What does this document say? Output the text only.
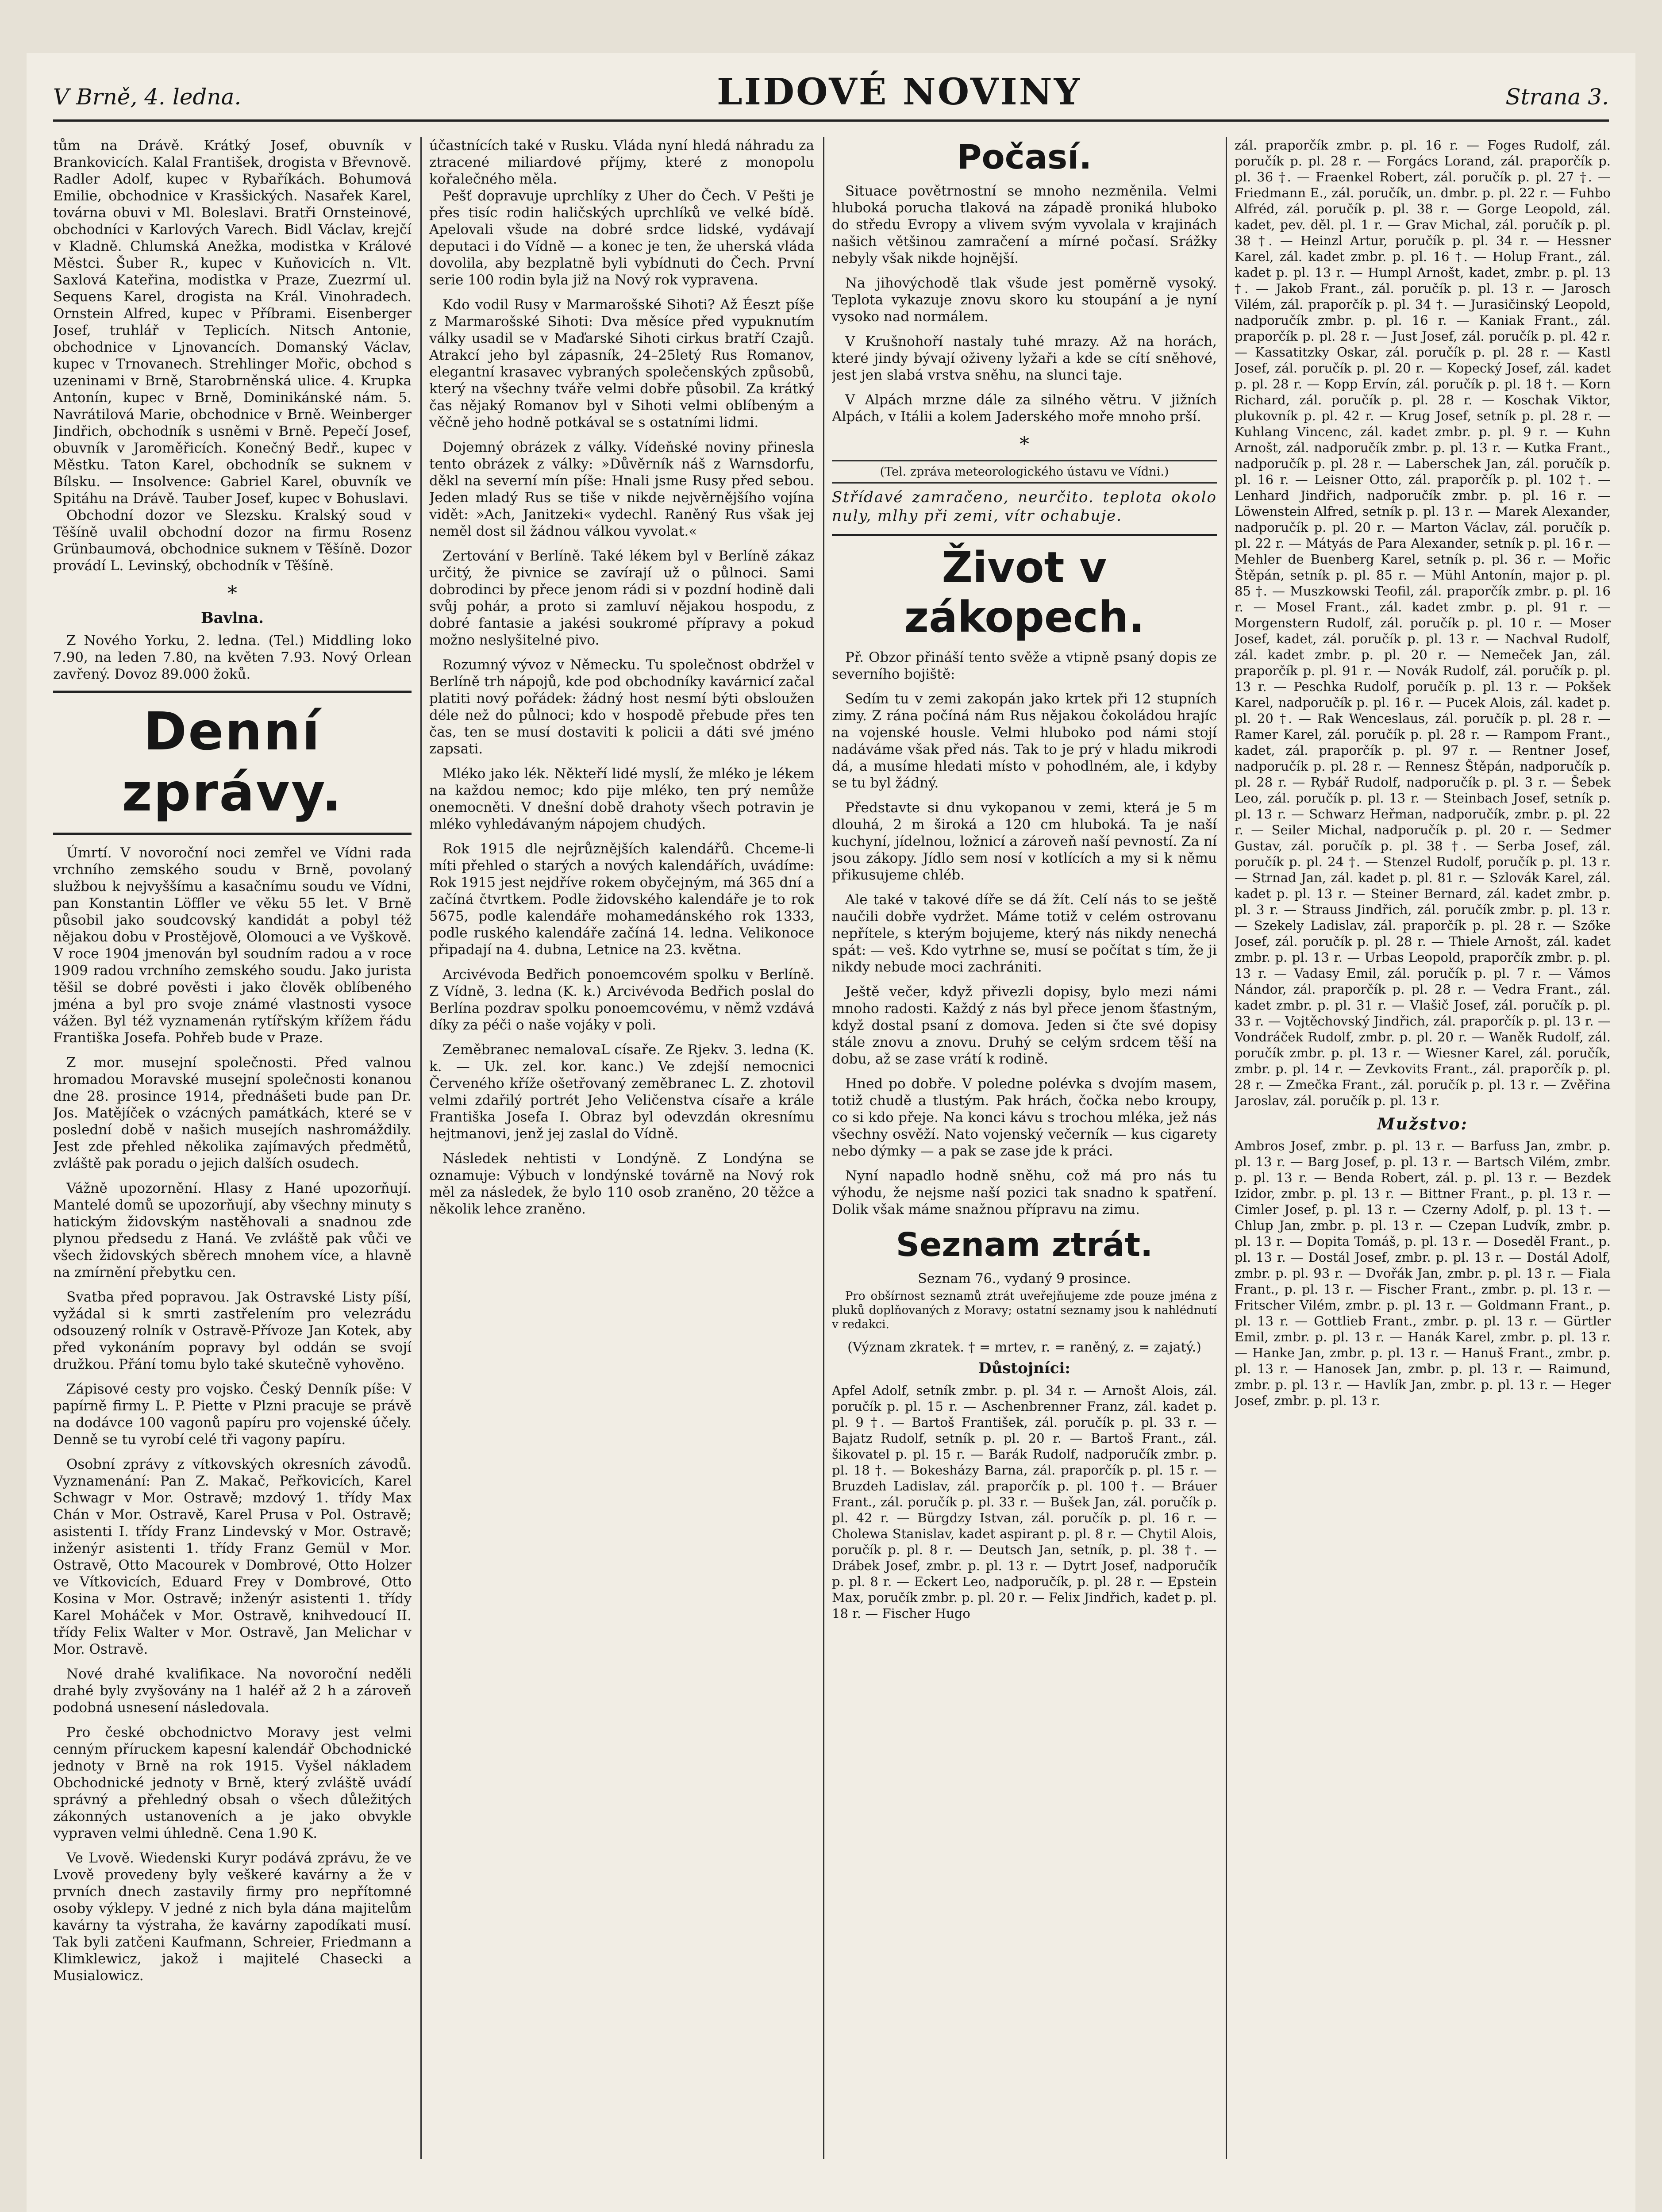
V Brně, 4. ledna.	LIDOVÉ NOVINY	Strana 3.

tům na Drávě. Krátký Josef, obuvník v Brankovicích. Kalal František, drogista v Břevnově. Radler Adolf, kupec v Rybaříkách. Bohumová Emilie, obchodnice v Krasšických. Nasařek Karel, továrna obuvi v Ml. Boleslavi. Bratři Ornsteinové, obchodníci v Karlových Varech. Bidl Václav, krejčí v Kladně. Chlumská Anežka, modistka v Králové Městci. Šuber R., kupec v Kuňovicích n. Vlt. Saxlová Kateřina, modistka v Praze, Zuezrmí ul. Sequens Karel, drogista na Král. Vinohradech. Ornstein Alfred, kupec v Příbrami. Eisenberger Josef, truhlář v Teplicích. Nitsch Antonie, obchodnice v Ljnovancích. Domanský Václav, kupec v Trnovanech. Strehlinger Mořic, obchod s uzeninami v Brně, Starobrněnská ulice. 4. Krupka Antonín, kupec v Brně, Dominikánské nám. 5. Navrátilová Marie, obchodnice v Brně. Weinberger Jindřich, obchodník s usněmi v Brně. Pepečí Josef, obuvník v Jaroměřicích. Konečný Bedř., kupec v Městku. Taton Karel, obchodník se suknem v Bílsku. — Insolvence: Gabriel Karel, obuvník ve Spitáhu na Drávě. Tauber Josef, kupec v Bohuslavi.

Obchodní dozor ve Slezsku. Kralský soud v Těšíně uvalil obchodní dozor na firmu Rosenz Grünbaumová, obchodnice suknem v Těšíně. Dozor provádí L. Levinský, obchodník v Těšíně.

*
Bavlna.

Z Nového Yorku, 2. ledna. (Tel.) Middling loko 7.90, na leden 7.80, na květen 7.93. Nový Orlean zavřený. Dovoz 89.000 žoků.

Denní zprávy.

Úmrtí. V novoroční noci zemřel ve Vídni rada vrchního zemského soudu v Brně, povolaný službou k nejvyššímu a kasačnímu soudu ve Vídni, pan Konstantin Löffler ve věku 55 let. V Brně působil jako soudcovský kandidát a pobyl též nějakou dobu v Prostějově, Olomouci a ve Vyškově. V roce 1904 jmenován byl soudním radou a v roce 1909 radou vrchního zemského soudu. Jako jurista těšil se dobré pověsti i jako člověk oblíbeného jména a byl pro svoje známé vlastnosti vysoce vážen. Byl též vyznamenán rytířským křížem řádu Františka Josefa. Pohřeb bude v Praze.

Z mor. musejní společnosti. Před valnou hromadou Moravské musejní společnosti konanou dne 28. prosince 1914, přednášeti bude pan Dr. Jos. Matějíček o vzácných památkách, které se v poslední době v našich musejích nashromáždily. Jest zde přehled několika zajímavých předmětů, zvláště pak poradu o jejich dalších osudech.

Vážně upozornění. Hlasy z Hané upozorňují. Mantelé domů se upozorňují, aby všechny minuty s hatickým židovským nastěhovali a snadnou zde plynou předsedu z Haná. Ve zvláště pak vůči ve všech židovských sběrech mnohem více, a hlavně na zmírnění přebytku cen.

Svatba před popravou. Jak Ostravské Listy píší, vyžádal si k smrti zastřelením pro velezrádu odsouzený rolník v Ostravě-Přívoze Jan Kotek, aby před vykonáním popravy byl oddán se svojí družkou. Přání tomu bylo také skutečně vyhověno.

Zápisové cesty pro vojsko. Český Denník píše: V papírně firmy L. P. Piette v Plzni pracuje se právě na dodávce 100 vagonů papíru pro vojenské účely. Denně se tu vyrobí celé tři vagony papíru.

Osobní zprávy z vítkovských okresních závodů. Vyznamenání: Pan Z. Makač, Peřkovicích, Karel Schwagr v Mor. Ostravě; mzdový 1. třídy Max Chán v Mor. Ostravě, Karel Prusa v Pol. Ostravě; asistenti I. třídy Franz Lindevský v Mor. Ostravě; inženýr asistenti 1. třídy Franz Gemül v Mor. Ostravě, Otto Macourek v Dombrové, Otto Holzer ve Vítkovicích, Eduard Frey v Dombrové, Otto Kosina v Mor. Ostravě; inženýr asistenti 1. třídy Karel Moháček v Mor. Ostravě, knihvedoucí II. třídy Felix Walter v Mor. Ostravě, Jan Melichar v Mor. Ostravě.

Nové drahé kvalifikace. Na novoroční neděli drahé byly zvyšovány na 1 haléř až 2 h a zároveň podobná usnesení následovala.

Pro české obchodnictvo Moravy jest velmi cenným příruckem kapesní kalendář Obchodnické jednoty v Brně na rok 1915. Vyšel nákladem Obchodnické jednoty v Brně, který zvláště uvádí správný a přehledný obsah o všech důležitých zákonných ustanoveních a je jako obvykle vypraven velmi úhledně. Cena 1.90 K.

Ve Lvově. Wiedenski Kuryr podává zprávu, že ve Lvově provedeny byly veškeré kavárny a že v prvních dnech zastavily firmy pro nepřítomné osoby výklepy. V jedné z nich byla dána majitelům kavárny ta výstraha, že kavárny zapodíkati musí. Tak byli zatčeni Kaufmann, Schreier, Friedmann a Klimklewicz, jakož i majitelé Chasecki a Musialowicz.

účastnících také v Rusku. Vláda nyní hledá náhradu za ztracené miliardové příjmy, které z monopolu kořalečného měla.

Pešť dopravuje uprchlíky z Uher do Čech. V Pešti je přes tisíc rodin haličských uprchlíků ve velké bídě. Apelovali všude na dobré srdce lidské, vydávají deputaci i do Vídně — a konec je ten, že uherská vláda dovolila, aby bezplatně byli vybídnuti do Čech. První serie 100 rodin byla již na Nový rok vypravena.

Kdo vodil Rusy v Marmarošské Sihoti? Až Éeszt píše z Marmarošské Sihoti: Dva měsíce před vypuknutím války usadil se v Maďarské Sihoti cirkus bratří Czajů. Atrakcí jeho byl zápasník, 24–25letý Rus Romanov, elegantní krasavec vybraných společenských způsobů, který na všechny tváře velmi dobře působil. Za krátký čas nějaký Romanov byl v Sihoti velmi oblíbeným a věčně jeho hodně potkával se s ostatními lidmi.

Dojemný obrázek z války. Vídeňské noviny přinesla tento obrázek z války: »Důvěrník náš z Warnsdorfu, děkl na severní mín píše: Hnali jsme Rusy před sebou. Jeden mladý Rus se tiše v nikde nejvěrnějšího vojína vidět: »Ach, Janitzeki« vydechl. Raněný Rus však jej neměl dost sil žádnou válkou vyvolat.«

Zertování v Berlíně. Také lékem byl v Berlíně zákaz určitý, že pivnice se zavírají už o půlnoci. Sami dobrodinci by přece jenom rádi si v pozdní hodině dali svůj pohár, a proto si zamluví nějakou hospodu, z dobré fantasie a jakési soukromé přípravy a pokud možno neslyšitelné pivo.

Rozumný vývoz v Německu. Tu společnost obdržel v Berlíně trh nápojů, kde pod obchodníky kavárnicí začal platiti nový pořádek: žádný host nesmí býti obsloužen déle než do půlnoci; kdo v hospodě přebude přes ten čas, ten se musí dostaviti k policii a dáti své jméno zapsati.

Mléko jako lék. Někteří lidé myslí, že mléko je lékem na každou nemoc; kdo pije mléko, ten prý nemůže onemocněti. V dnešní době drahoty všech potravin je mléko vyhledávaným nápojem chudých.

Rok 1915 dle nejrůznějších kalendářů. Chceme-li míti přehled o starých a nových kalendářích, uvádíme: Rok 1915 jest nejdříve rokem obyčejným, má 365 dní a začíná čtvrtkem. Podle židovského kalendáře je to rok 5675, podle kalendáře mohamedánského rok 1333, podle ruského kalendáře začíná 14. ledna. Velikonoce připadají na 4. dubna, Letnice na 23. května.

Arcivévoda Bedřich ponoemcovém spolku v Berlíně. Z Vídně, 3. ledna (K. k.) Arcivévoda Bedřich poslal do Berlína pozdrav spolku ponoemcovému, v němž vzdává díky za péči o naše vojáky v poli.

Zeměbranec nemalovaL císaře. Ze Rjekv. 3. ledna (K. k. — Uk. zel. kor. kanc.) Ve zdejší nemocnici Červeného kříže ošetřovaný zeměbranec L. Z. zhotovil velmi zdařilý portrét Jeho Veličenstva císaře a krále Františka Josefa I. Obraz byl odevzdán okresnímu hejtmanovi, jenž jej zaslal do Vídně.

Následek nehtisti v Londýně. Z Londýna se oznamuje: Výbuch v londýnské továrně na Nový rok měl za následek, že bylo 110 osob zraněno, 20 těžce a několik lehce zraněno.

Počasí.

Situace povětrnostní se mnoho nezměnila. Velmi hluboká porucha tlaková na západě proniká hluboko do středu Evropy a vlivem svým vyvolala v krajinách našich většinou zamračení a mírné počasí. Srážky nebyly však nikde hojnější.

Na jihovýchodě tlak všude jest poměrně vysoký. Teplota vykazuje znovu skoro ku stoupání a je nyní vysoko nad normálem.

V Krušnohoří nastaly tuhé mrazy. Až na horách, které jindy bývají oživeny lyžaři a kde se cítí sněhové, jest jen slabá vrstva sněhu, na slunci taje.

V Alpách mrzne dále za silného větru. V jižních Alpách, v Itálii a kolem Jaderského moře mnoho prší.

*
(Tel. zpráva meteorologického ústavu ve Vídni.)

Střídavé zamračeno, neurčito. teplota okolo nuly, mlhy při zemi, vítr ochabuje.

Život v zákopech.

Př. Obzor přináší tento svěže a vtipně psaný dopis ze severního bojiště:

Sedím tu v zemi zakopán jako krtek při 12 stupních zimy. Z rána počíná nám Rus nějakou čokoládou hrajíc na vojenské housle. Velmi hluboko pod námi stojí nadáváme však před nás. Tak to je prý v hladu mikrodi dá, a musíme hledati místo v pohodlném, ale, i kdyby se tu byl žádný.

Představte si dnu vykopanou v zemi, která je 5 m dlouhá, 2 m široká a 120 cm hluboká. Ta je naší kuchyní, jídelnou, ložnicí a zároveň naší pevností. Za ní jsou zákopy. Jídlo sem nosí v kotlících a my si k němu přikusujeme chléb.

Ale také v takové díře se dá žít. Celí nás to se ještě naučili dobře vydržet. Máme totiž v celém ostrovanu nepřítele, s kterým bojujeme, který nás nikdy nenechá spát: — veš. Kdo vytrhne se, musí se počítat s tím, že ji nikdy nebude moci zachrániti.

Ještě večer, když přivezli dopisy, bylo mezi námi mnoho radosti. Každý z nás byl přece jenom šťastným, když dostal psaní z domova. Jeden si čte své dopisy stále znovu a znovu. Druhý se celým srdcem těší na dobu, až se zase vrátí k rodině.

Hned po dobře. V poledne polévka s dvojím masem, totiž chudě a tlustým. Pak hrách, čočka nebo kroupy, co si kdo přeje. Na konci kávu s trochou mléka, jež nás všechny osvěží. Nato vojenský večerník — kus cigarety nebo dýmky — a pak se zase jde k práci.

Nyní napadlo hodně sněhu, což má pro nás tu výhodu, že nejsme naší pozici tak snadno k spatření. Dolik však máme snažnou přípravu na zimu.

Seznam ztrát.
Seznam 76., vydaný 9 prosince.

Pro obšírnost seznamů ztrát uveřejňujeme zde pouze jména z pluků doplňovaných z Moravy; ostatní seznamy jsou k nahlédnutí v redakci.

(Význam zkratek. † = mrtev, r. = raněný, z. = zajatý.)
Důstojníci:

Apfel Adolf, setník zmbr. p. pl. 34 r. — Arnošt Alois, zál. poručík p. pl. 15 r. — Aschenbrenner Franz, zál. kadet p. pl. 9 †. — Bartoš František, zál. poručík p. pl. 33 r. — Bajatz Rudolf, setník p. pl. 20 r. — Bartoš Frant., zál. šikovatel p. pl. 15 r. — Barák Rudolf, nadporučík zmbr. p. pl. 18 †. — Bokesházy Barna, zál. praporčík p. pl. 15 r. — Bruzdeh Ladislav, zál. praporčík p. pl. 100 †. — Bráuer Frant., zál. poručík p. pl. 33 r. — Bušek Jan, zál. poručík p. pl. 42 r. — Bürgdzy Istvan, zál. poručík p. pl. 16 r. — Cholewa Stanislav, kadet aspirant p. pl. 8 r. — Chytil Alois, poručík p. pl. 8 r. — Deutsch Jan, setník, p. pl. 38 †. — Drábek Josef, zmbr. p. pl. 13 r. — Dytrt Josef, nadporučík p. pl. 8 r. — Eckert Leo, nadporučík, p. pl. 28 r. — Epstein Max, poručík zmbr. p. pl. 20 r. — Felix Jindřich, kadet p. pl. 18 r. — Fischer Hugo

zál. praporčík zmbr. p. pl. 16 r. — Foges Rudolf, zál. poručík p. pl. 28 r. — Forgács Lorand, zál. praporčík p. pl. 36 †. — Fraenkel Robert, zál. poručík p. pl. 27 †. — Friedmann E., zál. poručík, un. dmbr. p. pl. 22 r. — Fuhbo Alfréd, zál. poručík p. pl. 38 r. — Gorge Leopold, zál. kadet, pev. děl. pl. 1 r. — Grav Michal, zál. poručík p. pl. 38 †. — Heinzl Artur, poručík p. pl. 34 r. — Hessner Karel, zál. kadet zmbr. p. pl. 16 †. — Holup Frant., zál. kadet p. pl. 13 r. — Humpl Arnošt, kadet, zmbr. p. pl. 13 †. — Jakob Frant., zál. poručík p. pl. 13 r. — Jarosch Vilém, zál. praporčík p. pl. 34 †. — Jurasičinský Leopold, nadporučík zmbr. p. pl. 16 r. — Kaniak Frant., zál. praporčík p. pl. 28 r. — Just Josef, zál. poručík p. pl. 42 r. — Kassatitzky Oskar, zál. poručík p. pl. 28 r. — Kastl Josef, zál. poručík p. pl. 20 r. — Kopecký Josef, zál. kadet p. pl. 28 r. — Kopp Ervín, zál. poručík p. pl. 18 †. — Korn Richard, zál. poručík p. pl. 28 r. — Koschak Viktor, plukovník p. pl. 42 r. — Krug Josef, setník p. pl. 28 r. — Kuhlang Vincenc, zál. kadet zmbr. p. pl. 9 r. — Kuhn Arnošt, zál. nadporučík zmbr. p. pl. 13 r. — Kutka Frant., nadporučík p. pl. 28 r. — Laberschek Jan, zál. poručík p. pl. 16 r. — Leisner Otto, zál. praporčík p. pl. 102 †. — Lenhard Jindřich, nadporučík zmbr. p. pl. 16 r. — Löwenstein Alfred, setník p. pl. 13 r. — Marek Alexander, nadporučík p. pl. 20 r. — Marton Václav, zál. poručík p. pl. 22 r. — Mátyás de Para Alexander, setník p. pl. 16 r. — Mehler de Buenberg Karel, setník p. pl. 36 r. — Mořic Štěpán, setník p. pl. 85 r. — Mühl Antonín, major p. pl. 85 †. — Muszkowski Teofil, zál. praporčík zmbr. p. pl. 16 r. — Mosel Frant., zál. kadet zmbr. p. pl. 91 r. — Morgenstern Rudolf, zál. poručík p. pl. 10 r. — Moser Josef, kadet, zál. poručík p. pl. 13 r. — Nachval Rudolf, zál. kadet zmbr. p. pl. 20 r. — Nemeček Jan, zál. praporčík p. pl. 91 r. — Novák Rudolf, zál. poručík p. pl. 13 r. — Peschka Rudolf, poručík p. pl. 13 r. — Pokšek Karel, nadporučík p. pl. 16 r. — Pucek Alois, zál. kadet p. pl. 20 †. — Rak Wenceslaus, zál. poručík p. pl. 28 r. — Ramer Karel, zál. poručík p. pl. 28 r. — Rampom Frant., kadet, zál. praporčík p. pl. 97 r. — Rentner Josef, nadporučík p. pl. 28 r. — Rennesz Štěpán, nadporučík p. pl. 28 r. — Rybář Rudolf, nadporučík p. pl. 3 r. — Šebek Leo, zál. poručík p. pl. 13 r. — Steinbach Josef, setník p. pl. 13 r. — Schwarz Heřman, nadporučík, zmbr. p. pl. 22 r. — Seiler Michal, nadporučík p. pl. 20 r. — Sedmer Gustav, zál. poručík p. pl. 38 †. — Serba Josef, zál. poručík p. pl. 24 †. — Stenzel Rudolf, poručík p. pl. 13 r. — Strnad Jan, zál. kadet p. pl. 81 r. — Szlovák Karel, zál. kadet p. pl. 13 r. — Steiner Bernard, zál. kadet zmbr. p. pl. 3 r. — Strauss Jindřich, zál. poručík zmbr. p. pl. 13 r. — Szekely Ladislav, zál. praporčík p. pl. 28 r. — Szőke Josef, zál. poručík p. pl. 28 r. — Thiele Arnošt, zál. kadet zmbr. p. pl. 13 r. — Urbas Leopold, praporčík zmbr. p. pl. 13 r. — Vadasy Emil, zál. poručík p. pl. 7 r. — Vámos Nándor, zál. praporčík p. pl. 28 r. — Vedra Frant., zál. kadet zmbr. p. pl. 31 r. — Vlašič Josef, zál. poručík p. pl. 33 r. — Vojtěchovský Jindřich, zál. praporčík p. pl. 13 r. — Vondráček Rudolf, zmbr. p. pl. 20 r. — Waněk Rudolf, zál. poručík zmbr. p. pl. 13 r. — Wiesner Karel, zál. poručík, zmbr. p. pl. 14 r. — Zevkovits Frant., zál. praporčík p. pl. 28 r. — Zmečka Frant., zál. poručík p. pl. 13 r. — Zvěřina Jaroslav, zál. poručík p. pl. 13 r.

Mužstvo:

Ambros Josef, zmbr. p. pl. 13 r. — Barfuss Jan, zmbr. p. pl. 13 r. — Barg Josef, p. pl. 13 r. — Bartsch Vilém, zmbr. p. pl. 13 r. — Benda Robert, zál. p. pl. 13 r. — Bezdek Izidor, zmbr. p. pl. 13 r. — Bittner Frant., p. pl. 13 r. — Cimler Josef, p. pl. 13 r. — Czerny Adolf, p. pl. 13 †. — Chlup Jan, zmbr. p. pl. 13 r. — Czepan Ludvík, zmbr. p. pl. 13 r. — Dopita Tomáš, p. pl. 13 r. — Doseděl Frant., p. pl. 13 r. — Dostál Josef, zmbr. p. pl. 13 r. — Dostál Adolf, zmbr. p. pl. 93 r. — Dvořák Jan, zmbr. p. pl. 13 r. — Fiala Frant., p. pl. 13 r. — Fischer Frant., zmbr. p. pl. 13 r. — Fritscher Vilém, zmbr. p. pl. 13 r. — Goldmann Frant., p. pl. 13 r. — Gottlieb Frant., zmbr. p. pl. 13 r. — Gürtler Emil, zmbr. p. pl. 13 r. — Hanák Karel, zmbr. p. pl. 13 r. — Hanke Jan, zmbr. p. pl. 13 r. — Hanuš Frant., zmbr. p. pl. 13 r. — Hanosek Jan, zmbr. p. pl. 13 r. — Raimund, zmbr. p. pl. 13 r. — Havlík Jan, zmbr. p. pl. 13 r. — Heger Josef, zmbr. p. pl. 13 r.
